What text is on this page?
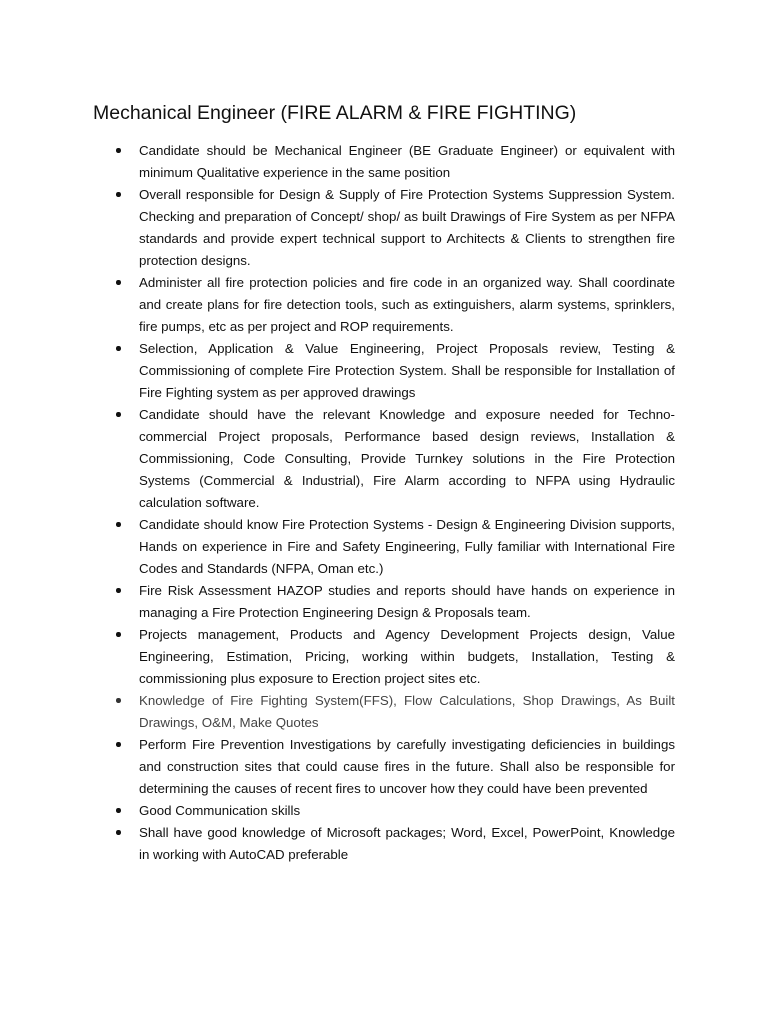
Mechanical Engineer (FIRE ALARM & FIRE FIGHTING)
Candidate should be Mechanical Engineer (BE Graduate Engineer) or equivalent with
minimum Qualitative experience in the same position
Overall responsible for Design & Supply of Fire Protection Systems Suppression System.
Checking and preparation of Concept/ shop/ as built Drawings of Fire System as per NFPA
standards and provide expert technical support to Architects & Clients to strengthen fire
protection designs.
Administer all fire protection policies and fire code in an organized way. Shall coordinate
and create plans for fire detection tools, such as extinguishers, alarm systems, sprinklers,
fire pumps, etc as per project and ROP requirements.
Selection, Application & Value Engineering, Project Proposals review, Testing &
Commissioning of complete Fire Protection System. Shall be responsible for Installation of
Fire Fighting system as per approved drawings
Candidate should have the relevant Knowledge and exposure needed for Techno-
commercial Project proposals, Performance based design reviews, Installation &
Commissioning, Code Consulting, Provide Turnkey solutions in the Fire Protection
Systems (Commercial & Industrial), Fire Alarm according to NFPA using Hydraulic
calculation software.
Candidate should know Fire Protection Systems - Design & Engineering Division supports,
Hands on experience in Fire and Safety Engineering, Fully familiar with International Fire
Codes and Standards (NFPA, Oman etc.)
Fire Risk Assessment HAZOP studies and reports should have hands on experience in
managing a Fire Protection Engineering Design & Proposals team.
Projects management, Products and Agency Development Projects design, Value
Engineering, Estimation, Pricing, working within budgets, Installation, Testing &
commissioning plus exposure to Erection project sites etc.
Knowledge of Fire Fighting System(FFS), Flow Calculations, Shop Drawings, As Built
Drawings, O&M, Make Quotes
Perform Fire Prevention Investigations by carefully investigating deficiencies in buildings
and construction sites that could cause fires in the future. Shall also be responsible for
determining the causes of recent fires to uncover how they could have been prevented
Good Communication skills
Shall have good knowledge of Microsoft packages; Word, Excel, PowerPoint, Knowledge
in working with AutoCAD preferable
